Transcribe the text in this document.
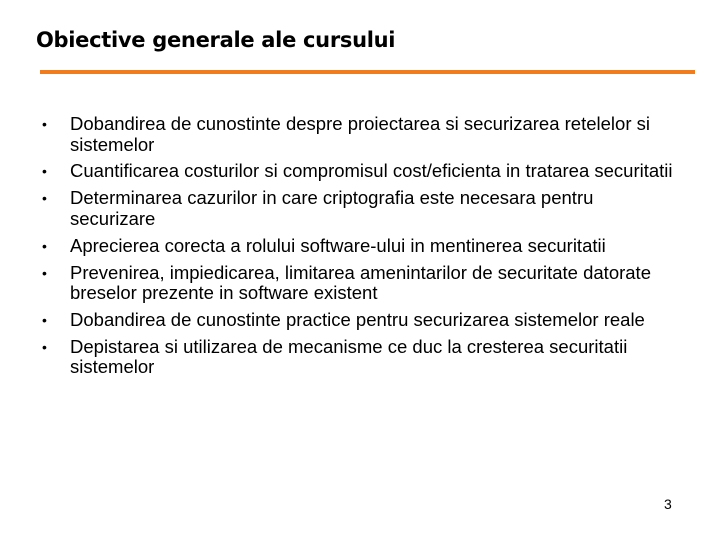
Obiective generale ale cursului
•	Dobandirea de cunostinte despre proiectarea si securizarea retelelor si sistemelor
•	Cuantificarea costurilor si compromisul cost/eficienta in tratarea securitatii
•	Determinarea cazurilor in care criptografia este necesara pentru securizare
•	Aprecierea corecta a rolului software-ului in mentinerea securitatii
•	Prevenirea, impiedicarea, limitarea amenintarilor de securitate datorate breselor prezente in software existent
•	Dobandirea de cunostinte practice pentru securizarea sistemelor reale
•	Depistarea si utilizarea de mecanisme ce duc la cresterea securitatii sistemelor
3
